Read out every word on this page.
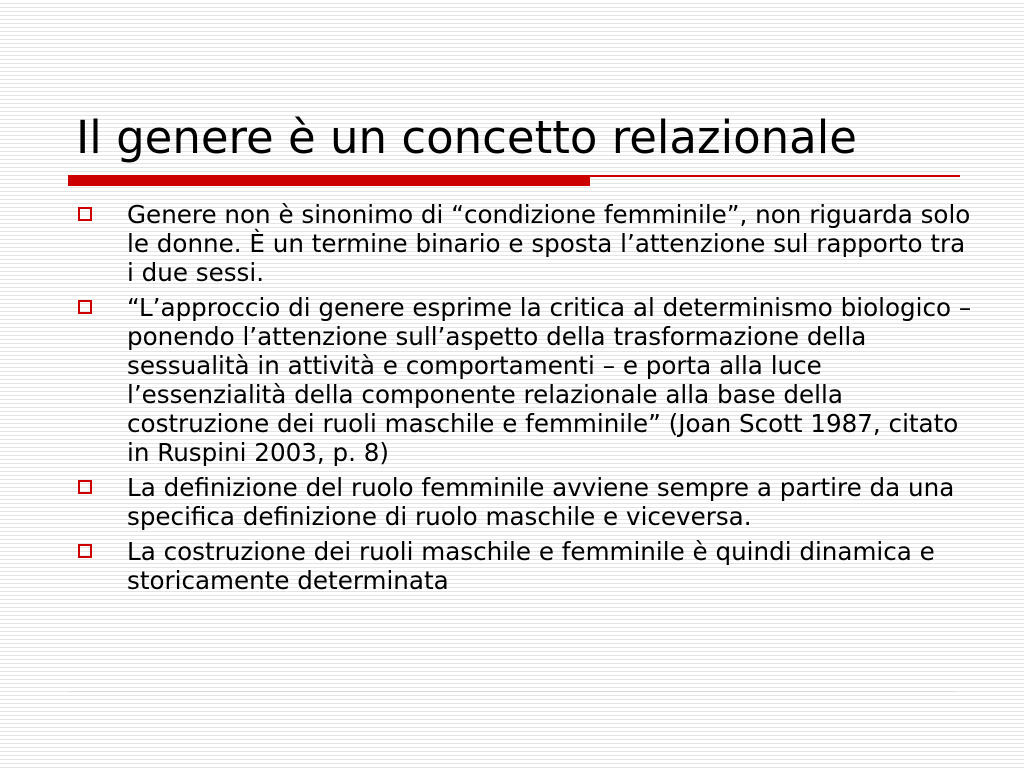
Il genere è un concetto relazionale
Genere non è sinonimo di “condizione femminile”, non riguarda solo le donne. È un termine binario e sposta l’attenzione sul rapporto tra i due sessi.
“L’approccio di genere esprime la critica al determinismo biologico – ponendo l’attenzione sull’aspetto della trasformazione della sessualità in attività e comportamenti – e porta alla luce l’essenzialità della componente relazionale alla base della costruzione dei ruoli maschile e femminile” (Joan Scott 1987, citato in Ruspini 2003, p. 8)
La definizione del ruolo femminile avviene sempre a partire da una specifica definizione di ruolo maschile e viceversa.
La costruzione dei ruoli maschile e femminile è quindi dinamica e storicamente determinata
